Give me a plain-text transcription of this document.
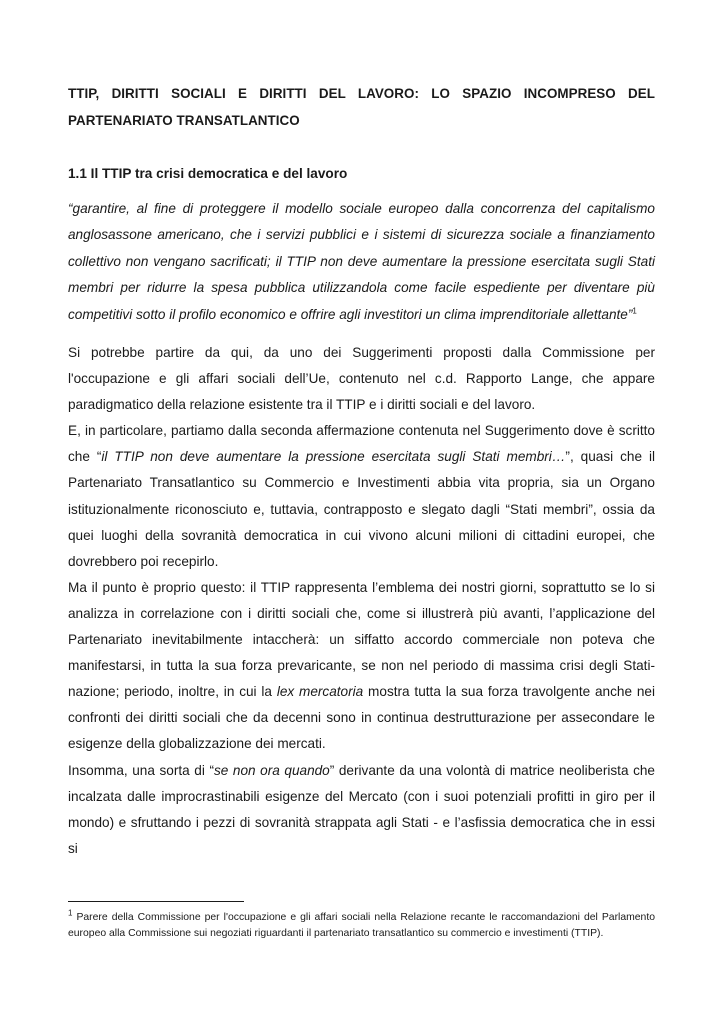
TTIP, DIRITTI SOCIALI E DIRITTI DEL LAVORO: LO SPAZIO INCOMPRESO DEL PARTENARIATO TRANSATLANTICO
1.1 Il TTIP tra crisi democratica e del lavoro
“garantire, al fine di proteggere il modello sociale europeo dalla concorrenza del capitalismo anglosassone americano, che i servizi pubblici e i sistemi di sicurezza sociale a finanziamento collettivo non vengano sacrificati; il TTIP non deve aumentare la pressione esercitata sugli Stati membri per ridurre la spesa pubblica utilizzandola come facile espediente per diventare più competitivi sotto il profilo economico e offrire agli investitori un clima imprenditoriale allettante”$^1$

Si potrebbe partire da qui, da uno dei Suggerimenti proposti dalla Commissione per l'occupazione e gli affari sociali dell’Ue, contenuto nel c.d. Rapporto Lange, che appare paradigmatico della relazione esistente tra il TTIP e i diritti sociali e del lavoro.

E, in particolare, partiamo dalla seconda affermazione contenuta nel Suggerimento dove è scritto che “il TTIP non deve aumentare la pressione esercitata sugli Stati membri…”, quasi che il Partenariato Transatlantico su Commercio e Investimenti abbia vita propria, sia un Organo istituzionalmente riconosciuto e, tuttavia, contrapposto e slegato dagli “Stati membri”, ossia da quei luoghi della sovranità democratica in cui vivono alcuni milioni di cittadini europei, che dovrebbero poi recepirlo.

Ma il punto è proprio questo: il TTIP rappresenta l’emblema dei nostri giorni, soprattutto se lo si analizza in correlazione con i diritti sociali che, come si illustrerà più avanti, l’applicazione del Partenariato inevitabilmente intaccherà: un siffatto accordo commerciale non poteva che manifestarsi, in tutta la sua forza prevaricante, se non nel periodo di massima crisi degli Stati-nazione; periodo, inoltre, in cui la lex mercatoria mostra tutta la sua forza travolgente anche nei confronti dei diritti sociali che da decenni sono in continua destrutturazione per assecondare le esigenze della globalizzazione dei mercati.

Insomma, una sorta di “se non ora quando” derivante da una volontà di matrice neoliberista che incalzata dalle improcrastinabili esigenze del Mercato (con i suoi potenziali profitti in giro per il mondo) e sfruttando i pezzi di sovranità strappata agli Stati - e l’asfissia democratica che in essi si

$^1$ Parere della Commissione per l'occupazione e gli affari sociali nella Relazione recante le raccomandazioni del Parlamento europeo alla Commissione sui negoziati riguardanti il partenariato transatlantico su commercio e investimenti (TTIP).
